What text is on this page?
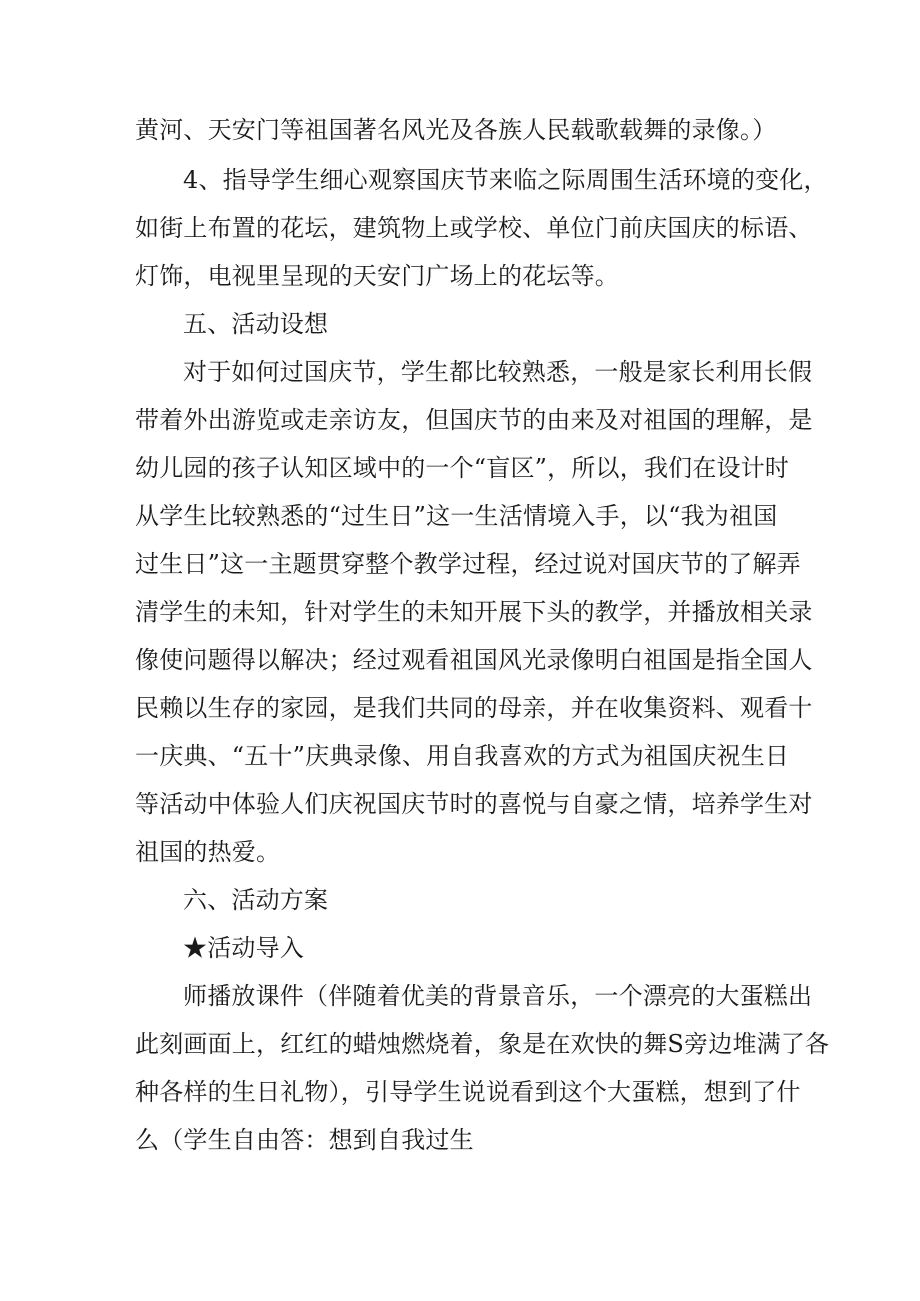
黄河、天安门等祖国著名风光及各族人民载歌载舞的录像。）
4、指导学生细心观察国庆节来临之际周围生活环境的变化，
如街上布置的花坛，建筑物上或学校、单位门前庆国庆的标语、
灯饰，电视里呈现的天安门广场上的花坛等。
五、活动设想
对于如何过国庆节，学生都比较熟悉，一般是家长利用长假
带着外出游览或走亲访友，但国庆节的由来及对祖国的理解，是
幼儿园的孩子认知区域中的一个“盲区”，所以，我们在设计时
从学生比较熟悉的“过生日”这一生活情境入手，以“我为祖国
过生日”这一主题贯穿整个教学过程，经过说对国庆节的了解弄
清学生的未知，针对学生的未知开展下头的教学，并播放相关录
像使问题得以解决；经过观看祖国风光录像明白祖国是指全国人
民赖以生存的家园，是我们共同的母亲，并在收集资料、观看十
一庆典、“五十”庆典录像、用自我喜欢的方式为祖国庆祝生日
等活动中体验人们庆祝国庆节时的喜悦与自豪之情，培养学生对
祖国的热爱。
六、活动方案
★活动导入
师播放课件（伴随着优美的背景音乐，一个漂亮的大蛋糕出
此刻画面上，红红的蜡烛燃烧着，象是在欢快的舞S旁边堆满了各
种各样的生日礼物），引导学生说说看到这个大蛋糕，想到了什
么（学生自由答：想到自我过生
